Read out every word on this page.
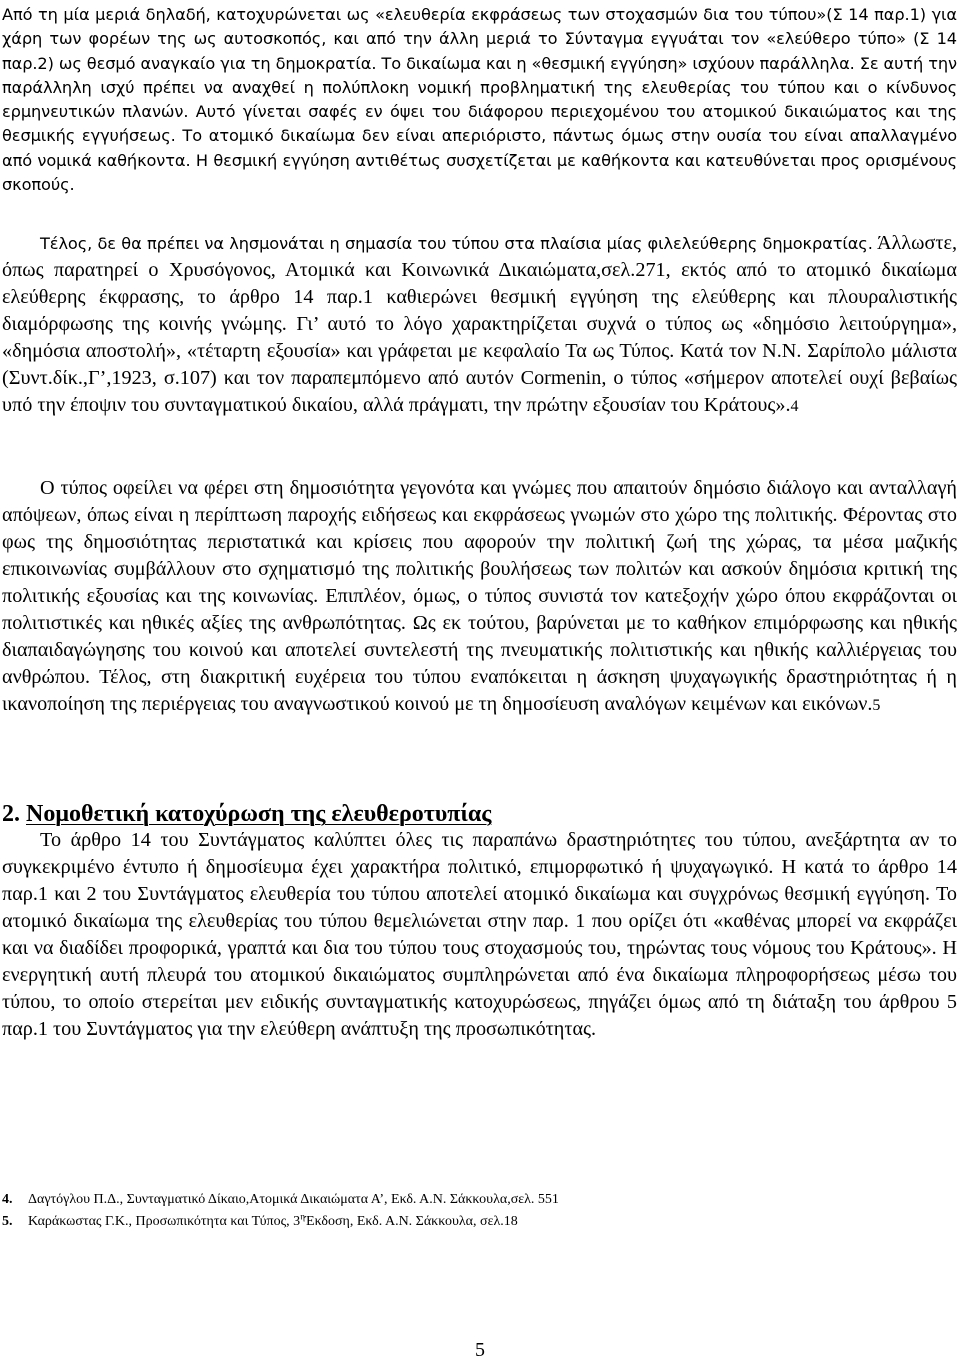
Από τη μία μεριά δηλαδή, κατοχυρώνεται ως «ελευθερία εκφράσεως των στοχασμών δια του τύπου»(Σ 14 παρ.1) για χάρη των φορέων της ως αυτοσκοπός, και από την άλλη μεριά το Σύνταγμα εγγυάται τον «ελεύθερο τύπο» (Σ 14 παρ.2) ως θεσμό αναγκαίο για τη δημοκρατία. Το δικαίωμα και η «θεσμική εγγύηση» ισχύουν παράλληλα. Σε αυτή την παράλληλη ισχύ πρέπει να αναχθεί η πολύπλοκη νομική προβληματική της ελευθερίας του τύπου και ο κίνδυνος ερμηνευτικών πλανών. Αυτό γίνεται σαφές εν όψει του διάφορου περιεχομένου του ατομικού δικαιώματος και της θεσμικής εγγυήσεως. Το ατομικό δικαίωμα δεν είναι απεριόριστο, πάντως όμως στην ουσία του είναι απαλλαγμένο από νομικά καθήκοντα. Η θεσμική εγγύηση αντιθέτως συσχετίζεται με καθήκοντα και κατευθύνεται προς ορισμένους σκοπούς.

Τέλος, δε θα πρέπει να λησμονάται η σημασία του τύπου στα πλαίσια μίας φιλελεύθερης δημοκρατίας. Άλλωστε, όπως παρατηρεί ο Χρυσόγονος, Ατομικά και Κοινωνικά Δικαιώματα,σελ.271, εκτός από το ατομικό δικαίωμα ελεύθερης έκφρασης, το άρθρο 14 παρ.1 καθιερώνει θεσμική εγγύηση της ελεύθερης και πλουραλιστικής διαμόρφωσης της κοινής γνώμης. Γι’ αυτό το λόγο χαρακτηρίζεται συχνά ο τύπος ως «δημόσιο λειτούργημα», «δημόσια αποστολή», «τέταρτη εξουσία» και γράφεται με κεφαλαίο Τα ως Τύπος. Κατά τον Ν.Ν. Σαρίπολο μάλιστα (Συντ.δίκ.,Γ’,1923, σ.107) και τον παραπεμπόμενο από αυτόν Cormenin, ο τύπος «σήμερον αποτελεί ουχί βεβαίως υπό την έποψιν του συνταγματικού δικαίου, αλλά πράγματι, την πρώτην εξουσίαν του Κράτους».4

Ο τύπος οφείλει να φέρει στη δημοσιότητα γεγονότα και γνώμες που απαιτούν δημόσιο διάλογο και ανταλλαγή απόψεων, όπως είναι η περίπτωση παροχής ειδήσεως και εκφράσεως γνωμών στο χώρο της πολιτικής. Φέροντας στο φως της δημοσιότητας περιστατικά και κρίσεις που αφορούν την πολιτική ζωή της χώρας, τα μέσα μαζικής επικοινωνίας συμβάλλουν στο σχηματισμό της πολιτικής βουλήσεως των πολιτών και ασκούν δημόσια κριτική της πολιτικής εξουσίας και της κοινωνίας. Επιπλέον, όμως, ο τύπος συνιστά τον κατεξοχήν χώρο όπου εκφράζονται οι πολιτιστικές και ηθικές αξίες της ανθρωπότητας. Ως εκ τούτου, βαρύνεται με το καθήκον επιμόρφωσης και ηθικής διαπαιδαγώγησης του κοινού και αποτελεί συντελεστή της πνευματικής πολιτιστικής και ηθικής καλλιέργειας του ανθρώπου. Τέλος, στη διακριτική ευχέρεια του τύπου εναπόκειται η άσκηση ψυχαγωγικής δραστηριότητας ή η ικανοποίηση της περιέργειας του αναγνωστικού κοινού με τη δημοσίευση αναλόγων κειμένων και εικόνων.5

2. Νομοθετική κατοχύρωση της ελευθεροτυπίας

Το άρθρο 14 του Συντάγματος καλύπτει όλες τις παραπάνω δραστηριότητες του τύπου, ανεξάρτητα αν το συγκεκριμένο έντυπο ή δημοσίευμα έχει χαρακτήρα πολιτικό, επιμορφωτικό ή ψυχαγωγικό. Η κατά το άρθρο 14 παρ.1 και 2 του Συντάγματος ελευθερία του τύπου αποτελεί ατομικό δικαίωμα και συγχρόνως θεσμική εγγύηση. Το ατομικό δικαίωμα της ελευθερίας του τύπου θεμελιώνεται στην παρ. 1 που ορίζει ότι «καθένας μπορεί να εκφράζει και να διαδίδει προφορικά, γραπτά και δια του τύπου τους στοχασμούς του, τηρώντας τους νόμους του Κράτους». Η ενεργητική αυτή πλευρά του ατομικού δικαιώματος συμπληρώνεται από ένα δικαίωμα πληροφορήσεως μέσω του τύπου, το οποίο στερείται μεν ειδικής συνταγματικής κατοχυρώσεως, πηγάζει όμως από τη διάταξη του άρθρου 5 παρ.1 του Συντάγματος για την ελεύθερη ανάπτυξη της προσωπικότητας.

4. Δαγτόγλου Π.Δ., Συνταγματικό Δίκαιο,Ατομικά Δικαιώματα Α’, Εκδ. Α.Ν. Σάκκουλα,σελ. 551

5. Καράκωστας Γ.Κ., Προσωπικότητα και Τύπος, $3^\eta Έ\kappa\delta o\sigma\eta$, Εκδ. Α.Ν. Σάκκουλα, σελ.18

5
